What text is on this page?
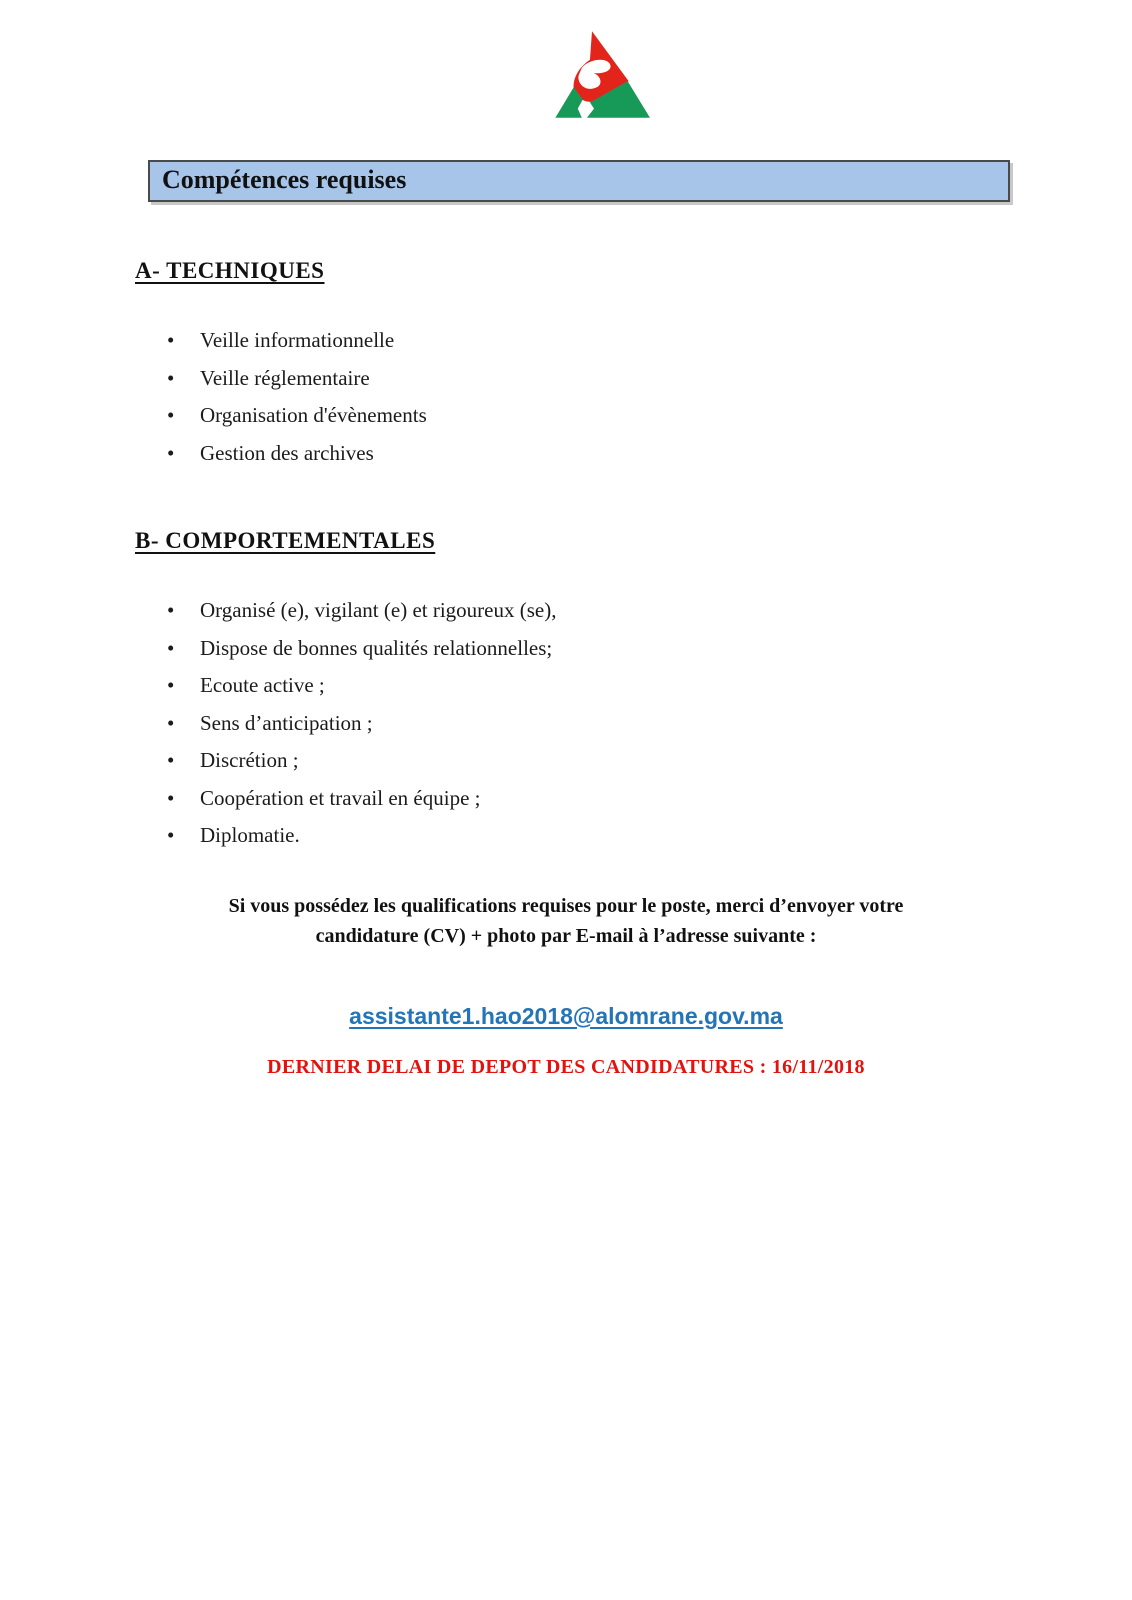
Compétences requises
A- TECHNIQUES
• Veille informationnelle
• Veille réglementaire
• Organisation d'évènements
• Gestion des archives
B- COMPORTEMENTALES
• Organisé (e), vigilant (e) et rigoureux (se),
• Dispose de bonnes qualités relationnelles;
• Ecoute active ;
• Sens d’anticipation ;
• Discrétion ;
• Coopération et travail en équipe ;
• Diplomatie.

Si vous possédez les qualifications requises pour le poste, merci d’envoyer votre
candidature (CV) + photo par E-mail à l’adresse suivante :

assistante1.hao2018@alomrane.gov.ma
DERNIER DELAI DE DEPOT DES CANDIDATURES : 16/11/2018
